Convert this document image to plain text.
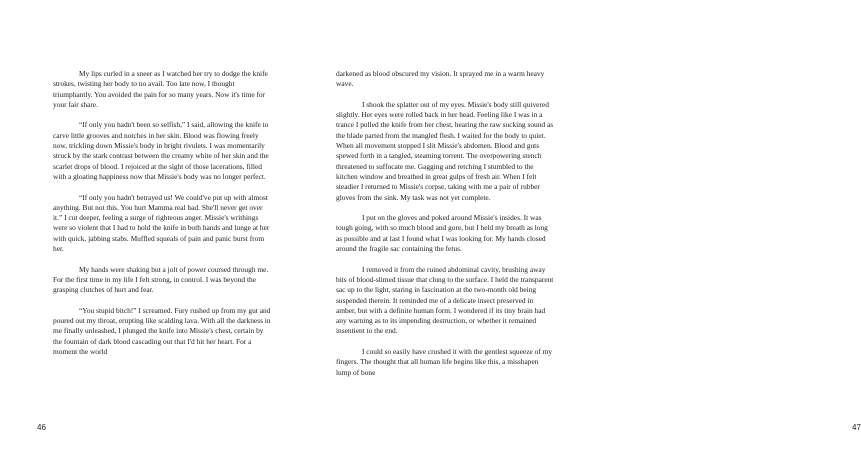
My lips curled in a sneer as I watched her try to dodge the knife strokes, twisting her body to no avail. Too late now, I thought triumphantly. You avoided the pain for so many years. Now it's time for your fair share.

“If only you hadn't been so selfish,” I said, allowing the knife to carve little grooves and notches in her skin. Blood was flowing freely now, trickling down Missie's body in bright rivulets. I was momentarily struck by the stark contrast between the creamy white of her skin and the scarlet drops of blood. I rejoiced at the sight of those lacerations, filled with a gloating happiness now that Missie's body was no longer perfect.

“If only you hadn't betrayed us! We could've put up with almost anything. But not this. You hurt Mamma real bad. She'll never get over it.” I cut deeper, feeling a surge of righteous anger. Missie's writhings were so violent that I had to hold the knife in both hands and lunge at her with quick, jabbing stabs. Muffled squeals of pain and panic burst from her.

My hands were shaking but a jolt of power coursed through me. For the first time in my life I felt strong, in control. I was beyond the grasping clutches of hurt and fear.

“You stupid bitch!” I screamed. Fury rushed up from my gut and poured out my throat, erupting like scalding lava. With all the darkness in me finally unleashed, I plunged the knife into Missie's chest, certain by the fountain of dark blood cascading out that I'd hit her heart. For a moment the world

46

darkened as blood obscured my vision. It sprayed me in a warm heavy wave.

I shook the splatter out of my eyes. Missie's body still quivered slightly. Her eyes were rolled back in her head. Feeling like I was in a trance I pulled the knife from her chest, hearing the raw sucking sound as the blade parted from the mangled flesh. I waited for the body to quiet. When all movement stopped I slit Missie's abdomen. Blood and guts spewed forth in a tangled, steaming torrent. The overpowering stench threatened to suffocate me. Gagging and retching I stumbled to the kitchen window and breathed in great gulps of fresh air. When I felt steadier I returned to Missie's corpse, taking with me a pair of rubber gloves from the sink. My task was not yet complete.

I put on the gloves and poked around Missie's insides. It was tough going, with so much blood and gore, but I held my breath as long as possible and at last I found what I was looking for. My hands closed around the fragile sac containing the fetus.

I removed it from the ruined abdominal cavity, brushing away bits of blood-slimed tissue that clung to the surface. I held the transparent sac up to the light, staring in fascination at the two-month old being suspended therein. It reminded me of a delicate insect preserved in amber, but with a definite human form. I wondered if its tiny brain had any warning as to its impending destruction, or whether it remained insentient to the end.

I could so easily have crushed it with the gentlest squeeze of my fingers. The thought that all human life begins like this, a misshapen lump of bone

47
